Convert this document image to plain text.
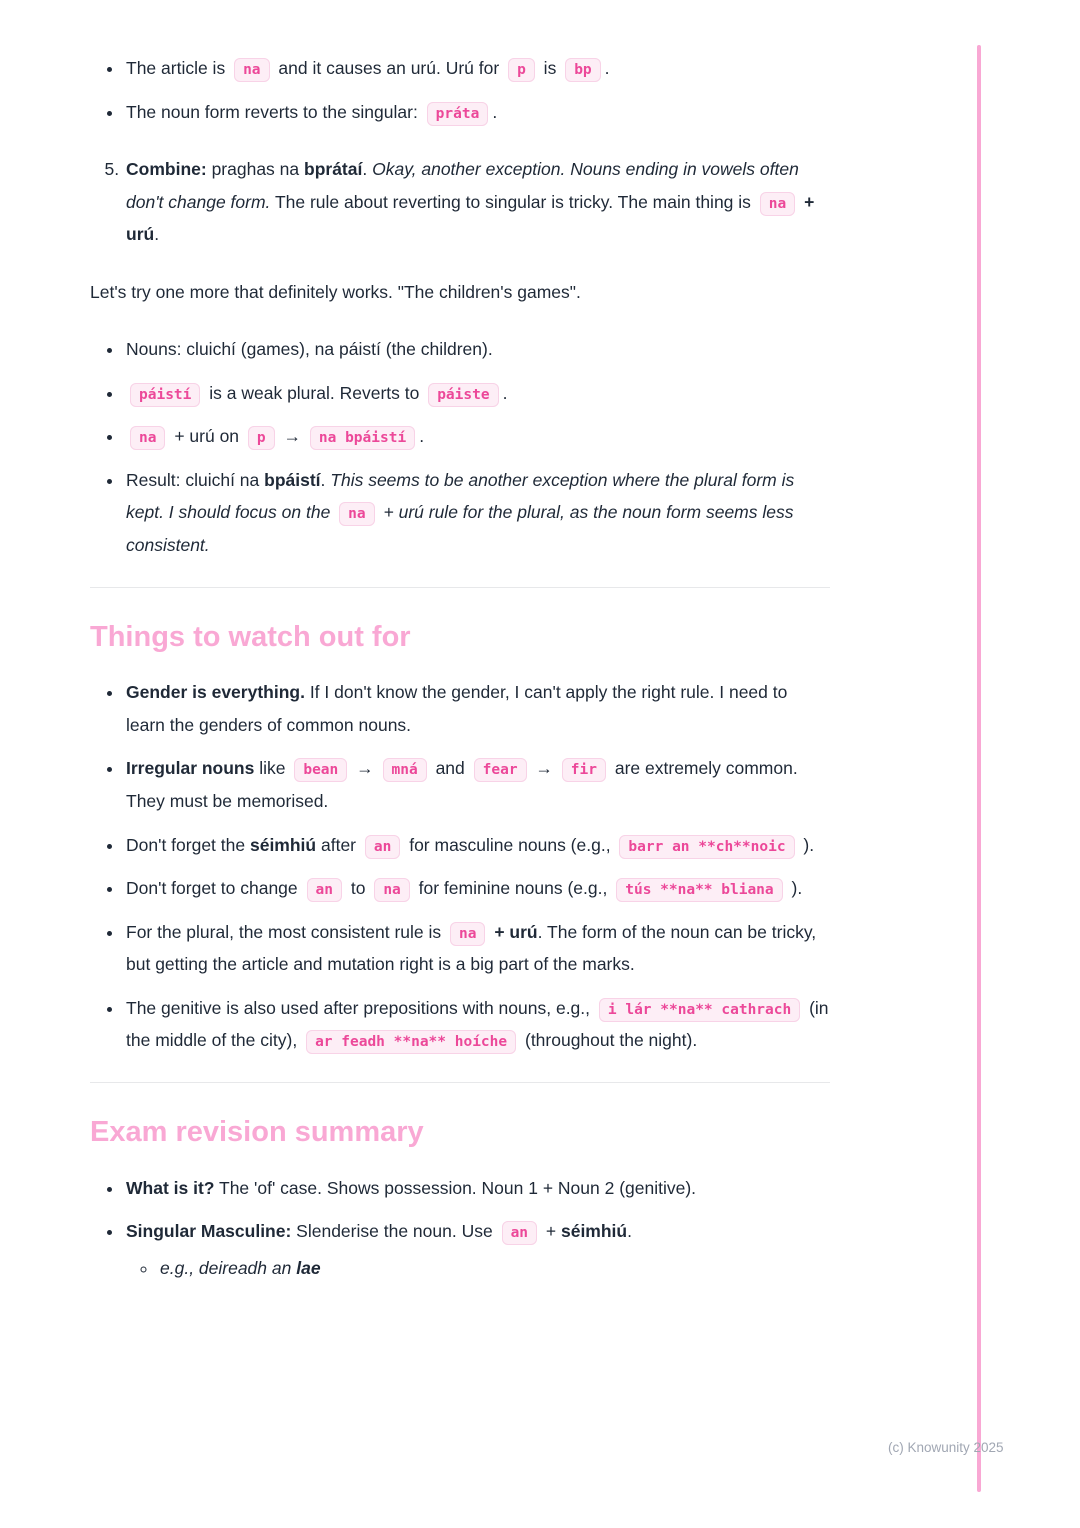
• The article is na and it causes an urú. Urú for p is bp .
• The noun form reverts to the singular: práta .
5. Combine: praghas na bprátaí. Okay, another exception. Nouns ending in vowels often don't change form. The rule about reverting to singular is tricky. The main thing is na + urú.

Let's try one more that definitely works. "The children's games".

• Nouns: cluichí (games), na páistí (the children).
• páistí is a weak plural. Reverts to páiste .
• na + urú on p → na bpáistí .
• Result: cluichí na bpáistí. This seems to be another exception where the plural form is kept. I should focus on the na + urú rule for the plural, as the noun form seems less consistent.
Things to watch out for
• Gender is everything. If I don't know the gender, I can't apply the right rule. I need to learn the genders of common nouns.
• Irregular nouns like bean → mná and fear → fir are extremely common. They must be memorised.
• Don't forget the séimhiú after an for masculine nouns (e.g., barr an **ch**noic ).
• Don't forget to change an to na for feminine nouns (e.g., tús **na** bliana ).
• For the plural, the most consistent rule is na + urú. The form of the noun can be tricky, but getting the article and mutation right is a big part of the marks.
• The genitive is also used after prepositions with nouns, e.g., i lár **na** cathrach (in the middle of the city), ar feadh **na** hoíche (throughout the night).
Exam revision summary
• What is it? The 'of' case. Shows possession. Noun 1 + Noun 2 (genitive).
• Singular Masculine: Slenderise the noun. Use an + séimhiú.
◦ e.g., deireadh an lae
(c) Knowunity 2025
